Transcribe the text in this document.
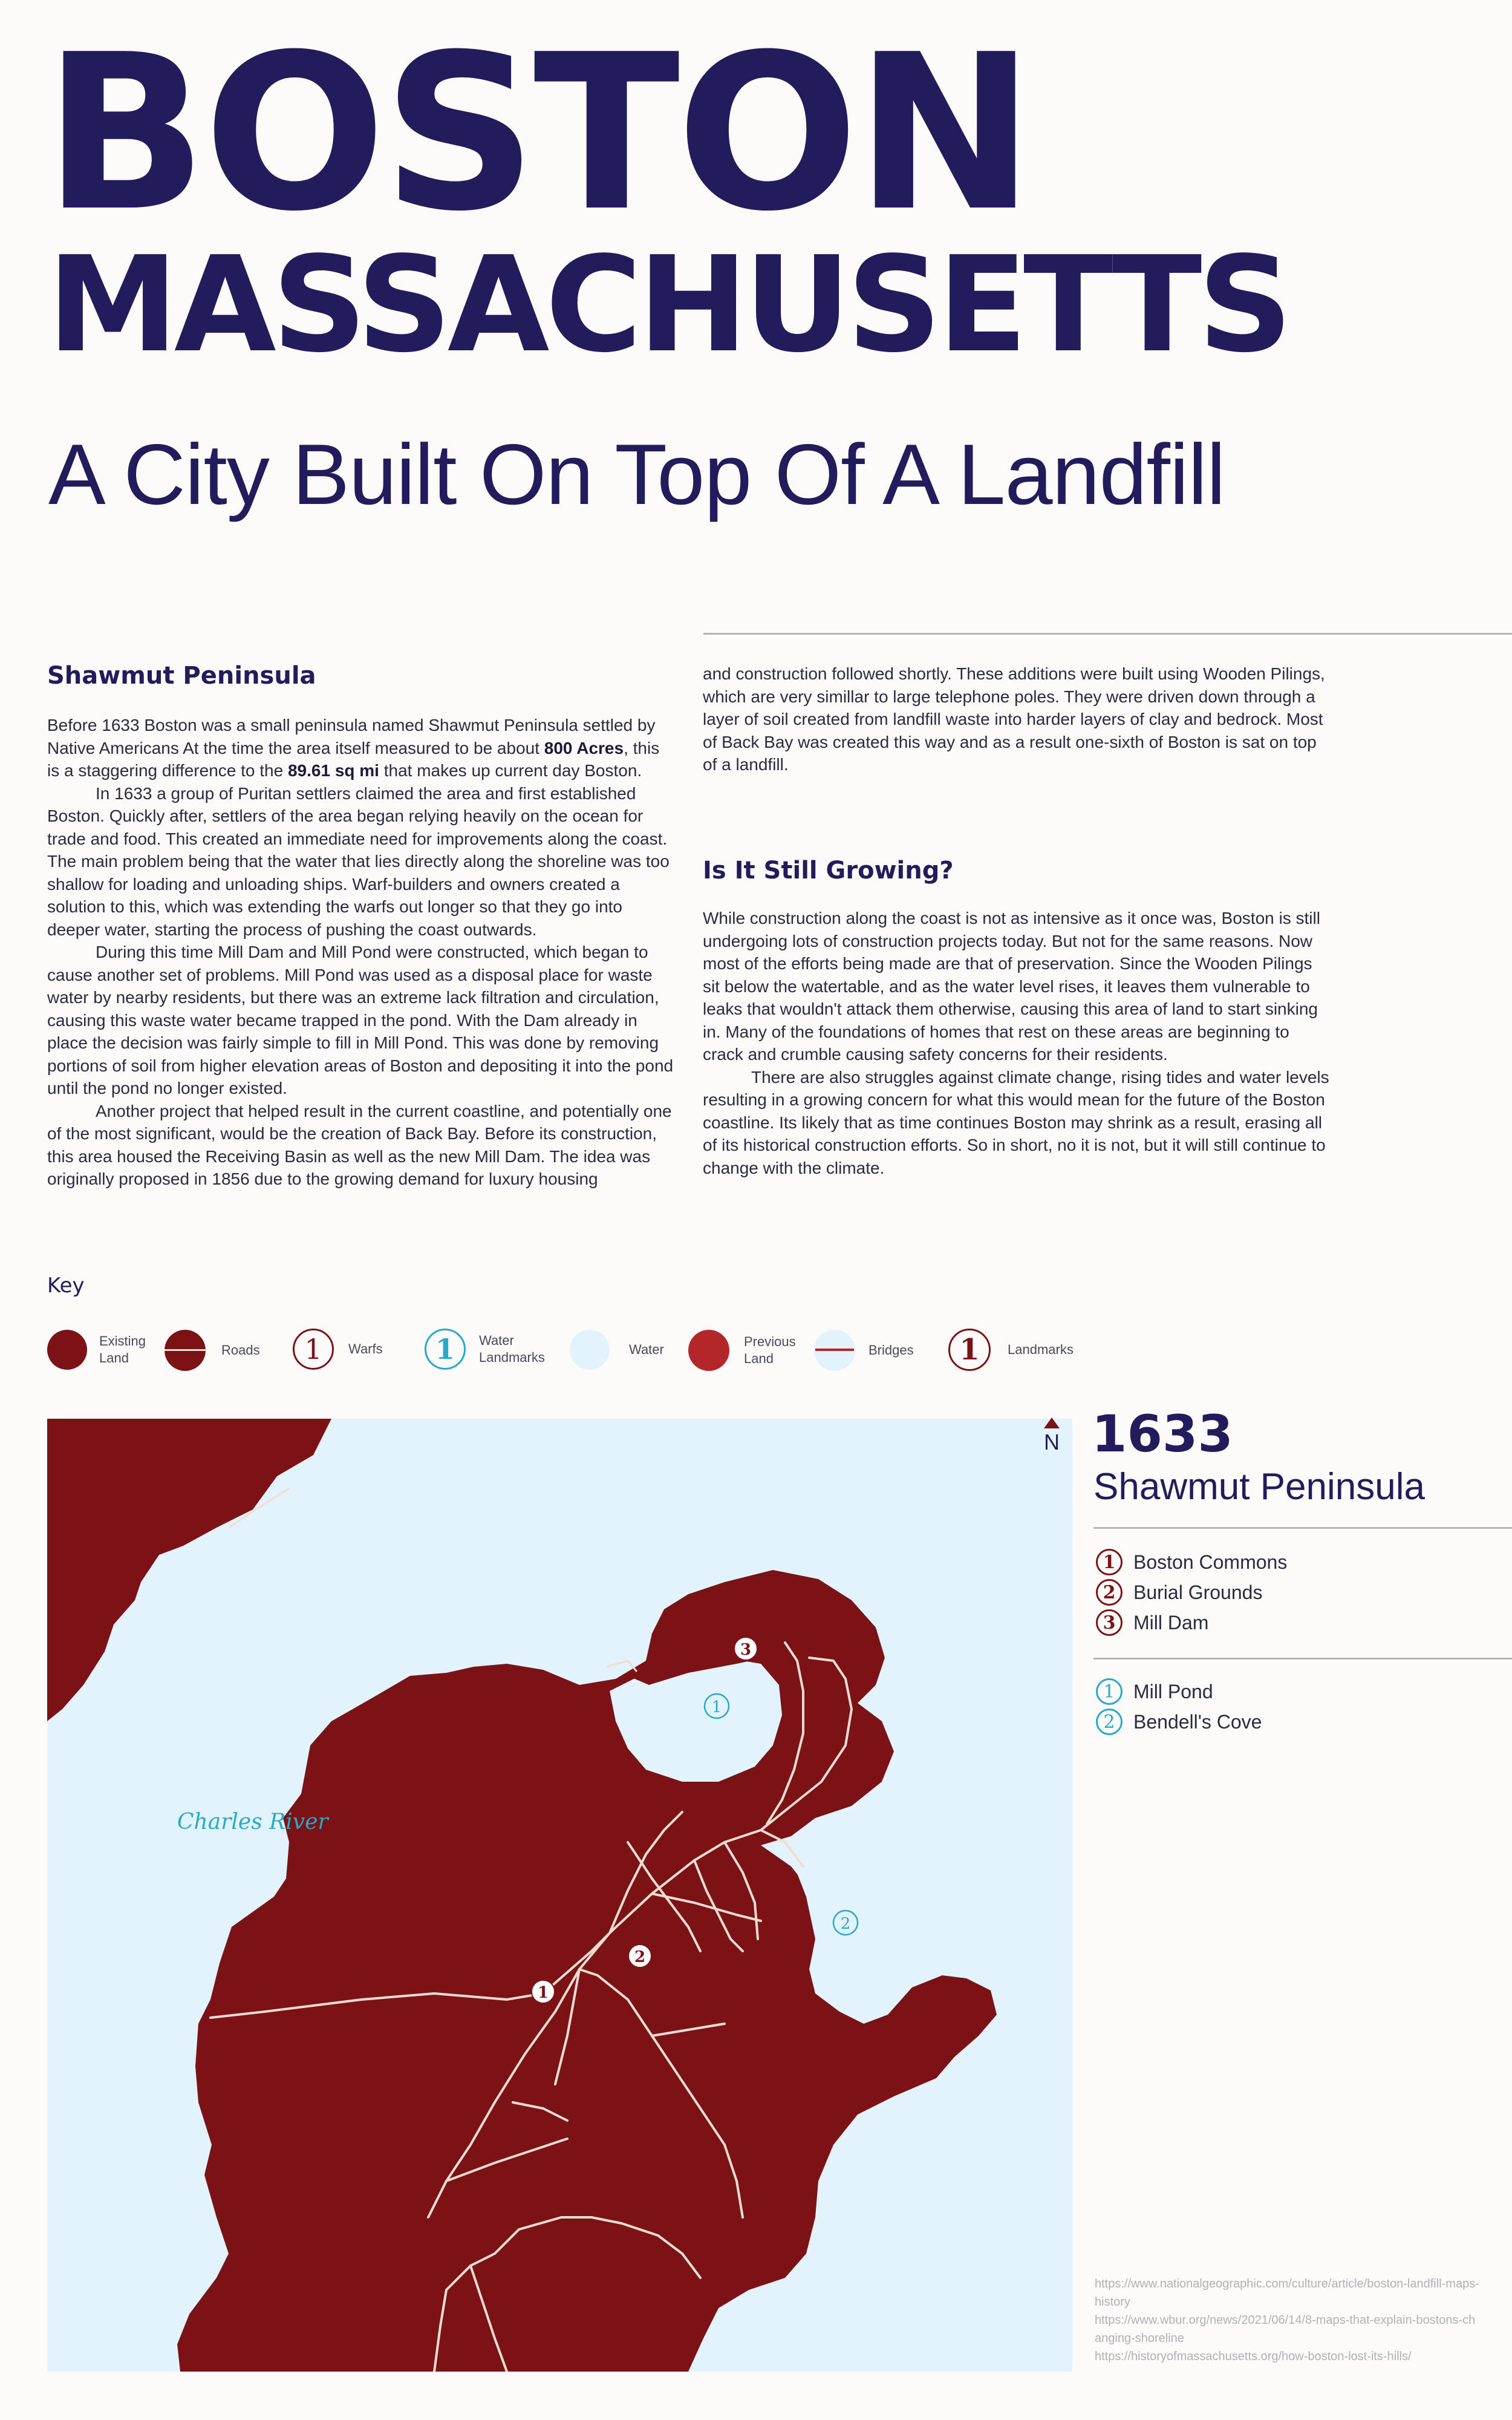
BOSTON
MASSACHUSETTS
A City Built On Top Of A Landfill
Shawmut Peninsula

Before 1633 Boston was a small peninsula named Shawmut Peninsula settled by Native Americans At the time the area itself measured to be about 800 Acres, this is a staggering difference to the 89.61 sq mi that makes up current day Boston.

In 1633 a group of Puritan settlers claimed the area and first established Boston. Quickly after, settlers of the area began relying heavily on the ocean for trade and food. This created an immediate need for improvements along the coast. The main problem being that the water that lies directly along the shoreline was too shallow for loading and unloading ships. Warf-builders and owners created a solution to this, which was extending the warfs out longer so that they go into deeper water, starting the process of pushing the coast outwards.

During this time Mill Dam and Mill Pond were constructed, which began to cause another set of problems. Mill Pond was used as a disposal place for waste water by nearby residents, but there was an extreme lack filtration and circulation, causing this waste water became trapped in the pond. With the Dam already in place the decision was fairly simple to fill in Mill Pond. This was done by removing portions of soil from higher elevation areas of Boston and depositing it into the pond until the pond no longer existed.

Another project that helped result in the current coastline, and potentially one of the most significant, would be the creation of Back Bay. Before its construction, this area housed the Receiving Basin as well as the new Mill Dam. The idea was originally proposed in 1856 due to the growing demand for luxury housing

and construction followed shortly. These additions were built using Wooden Pilings, which are very simillar to large telephone poles. They were driven down through a layer of soil created from landfill waste into harder layers of clay and bedrock. Most of Back Bay was created this way and as a result one-sixth of Boston is sat on top of a landfill.

Is It Still Growing?

While construction along the coast is not as intensive as it once was, Boston is still undergoing lots of construction projects today. But not for the same reasons. Now most of the efforts being made are that of preservation. Since the Wooden Pilings sit below the watertable, and as the water level rises, it leaves them vulnerable to leaks that wouldn't attack them otherwise, causing this area of land to start sinking in. Many of the foundations of homes that rest on these areas are beginning to crack and crumble causing safety concerns for their residents.

There are also struggles against climate change, rising tides and water levels resulting in a growing concern for what this would mean for the future of the Boston coastline. Its likely that as time continues Boston may shrink as a result, erasing all of its historical construction efforts. So in short, no it is not, but it will still continue to change with the climate.

Key
Existing
Land
Roads	1	Warfs	1	Water
Landmarks
Water
Previous
Land
Bridges	1	Landmarks
Charles River
1
2
3
1
2
N 1633
Shawmut Peninsula
1 Boston Commons
2 Burial Grounds
3 Mill Dam
1 Mill Pond
2 Bendell's Cove
https://www.nationalgeographic.com/culture/article/boston-landfill-maps-history
https://www.wbur.org/news/2021/06/14/8-maps-that-explain-bostons-changing-shoreline
https://historyofmassachusetts.org/how-boston-lost-its-hills/
